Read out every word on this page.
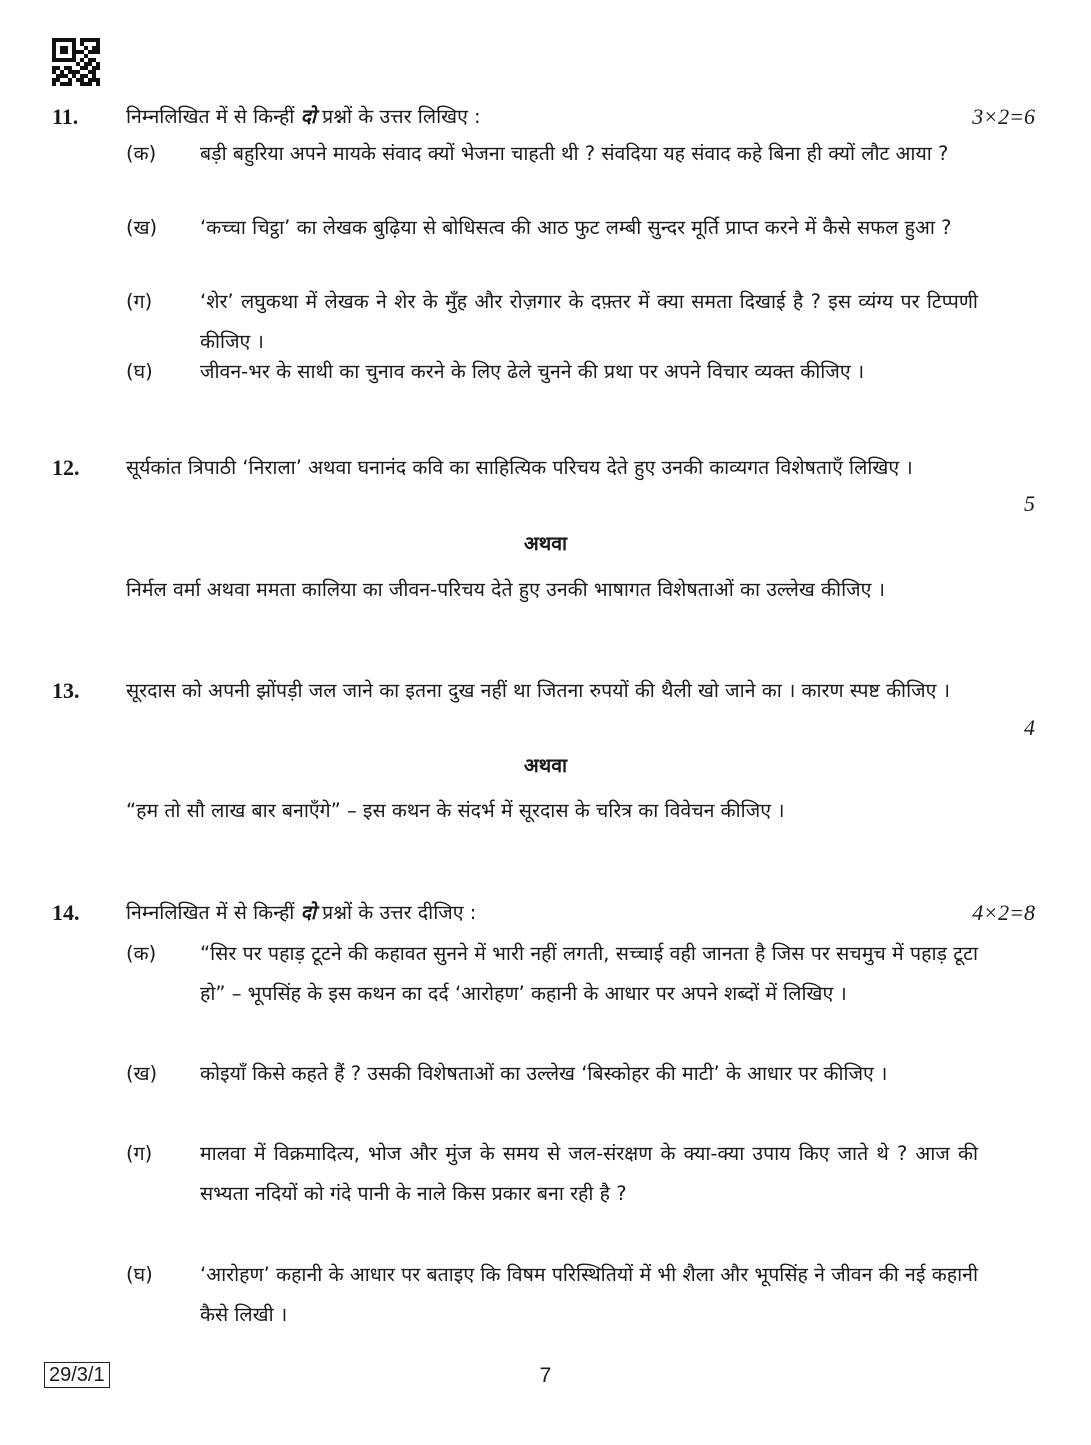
11. निम्नलिखित में से किन्हीं दो प्रश्नों के उत्तर लिखिए :	3×2=6
(क) बड़ी बहुरिया अपने मायके संवाद क्यों भेजना चाहती थी ? संवदिया यह संवाद कहे बिना ही क्यों लौट आया ?
(ख) ‘कच्चा चिट्ठा’ का लेखक बुढ़िया से बोधिसत्व की आठ फुट लम्बी सुन्दर मूर्ति प्राप्त करने में कैसे सफल हुआ ?
(ग) ‘शेर’ लघुकथा में लेखक ने शेर के मुँह और रोज़गार के दफ़्तर में क्या समता दिखाई है ? इस व्यंग्य पर टिप्पणी कीजिए ।
(घ) जीवन-भर के साथी का चुनाव करने के लिए ढेले चुनने की प्रथा पर अपने विचार व्यक्त कीजिए ।
12. सूर्यकांत त्रिपाठी ‘निराला’ अथवा घनानंद कवि का साहित्यिक परिचय देते हुए उनकी काव्यगत विशेषताएँ लिखिए ।
5
अथवा
निर्मल वर्मा अथवा ममता कालिया का जीवन-परिचय देते हुए उनकी भाषागत विशेषताओं का उल्लेख कीजिए ।
13. सूरदास को अपनी झोंपड़ी जल जाने का इतना दुख नहीं था जितना रुपयों की थैली खो जाने का । कारण स्पष्ट कीजिए ।
4
अथवा
“हम तो सौ लाख बार बनाएँगे” – इस कथन के संदर्भ में सूरदास के चरित्र का विवेचन कीजिए ।
14. निम्नलिखित में से किन्हीं दो प्रश्नों के उत्तर दीजिए :	4×2=8
(क) “सिर पर पहाड़ टूटने की कहावत सुनने में भारी नहीं लगती, सच्चाई वही जानता है जिस पर सचमुच में पहाड़ टूटा हो” – भूपसिंह के इस कथन का दर्द ‘आरोहण’ कहानी के आधार पर अपने शब्दों में लिखिए ।
(ख) कोइयाँ किसे कहते हैं ? उसकी विशेषताओं का उल्लेख ‘बिस्कोहर की माटी’ के आधार पर कीजिए ।
(ग) मालवा में विक्रमादित्य, भोज और मुंज के समय से जल-संरक्षण के क्या-क्या उपाय किए जाते थे ? आज की सभ्यता नदियों को गंदे पानी के नाले किस प्रकार बना रही है ?
(घ) ‘आरोहण’ कहानी के आधार पर बताइए कि विषम परिस्थितियों में भी शैला और भूपसिंह ने जीवन की नई कहानी कैसे लिखी ।
29/3/1	7
